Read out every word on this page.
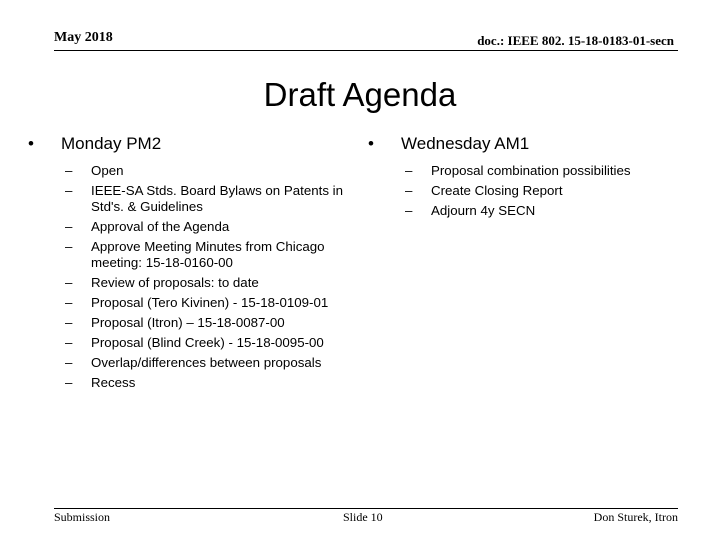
May 2018	doc.: IEEE 802. 15-18-0183-01-secn
Draft Agenda
• Monday PM2
– Open
– IEEE-SA Stds. Board Bylaws on Patents in Std's. & Guidelines
– Approval of the Agenda
– Approve Meeting Minutes from Chicago meeting: 15-18-0160-00
– Review of proposals: to date
– Proposal (Tero Kivinen) - 15-18-0109-01
– Proposal (Itron) – 15-18-0087-00
– Proposal (Blind Creek) - 15-18-0095-00
– Overlap/differences between proposals
– Recess
• Wednesday AM1
– Proposal combination possibilities
– Create Closing Report
– Adjourn 4y SECN
Submission	Slide 10	Don Sturek, Itron
